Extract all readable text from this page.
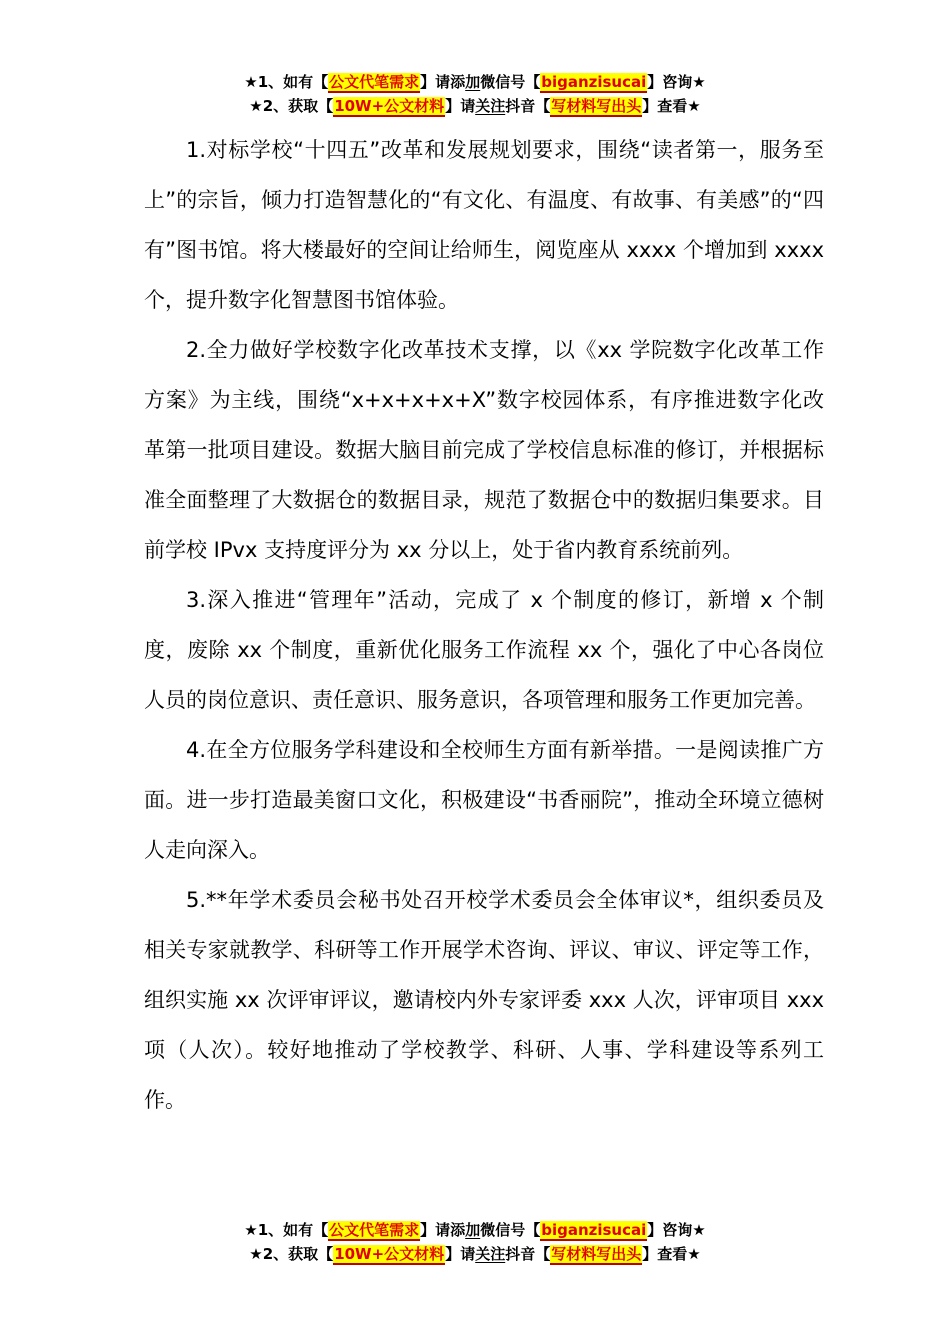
★1、如有【公文代笔需求】请添加微信号【biganzisucai】咨询★
★2、获取【10W+公文材料】请关注抖音【写材料写出头】查看★

1.对标学校“十四五”改革和发展规划要求，围绕“读者第一，服务至上”的宗旨，倾力打造智慧化的“有文化、有温度、有故事、有美感”的“四有”图书馆。将大楼最好的空间让给师生，阅览座从 xxxx 个增加到 xxxx 个，提升数字化智慧图书馆体验。

2.全力做好学校数字化改革技术支撑，以《xx 学院数字化改革工作方案》为主线，围绕“x+x+x+x+X”数字校园体系，有序推进数字化改革第一批项目建设。数据大脑目前完成了学校信息标准的修订，并根据标准全面整理了大数据仓的数据目录，规范了数据仓中的数据归集要求。目前学校 IPvx 支持度评分为 xx 分以上，处于省内教育系统前列。

3.深入推进“管理年”活动，完成了 x 个制度的修订，新增 x 个制度，废除 xx 个制度，重新优化服务工作流程 xx 个，强化了中心各岗位人员的岗位意识、责任意识、服务意识，各项管理和服务工作更加完善。

4.在全方位服务学科建设和全校师生方面有新举措。一是阅读推广方面。进一步打造最美窗口文化，积极建设“书香丽院”，推动全环境立德树人走向深入。

5.**年学术委员会秘书处召开校学术委员会全体审议*，组织委员及相关专家就教学、科研等工作开展学术咨询、评议、审议、评定等工作，组织实施 xx 次评审评议，邀请校内外专家评委 xxx 人次，评审项目 xxx 项（人次）。较好地推动了学校教学、科研、人事、学科建设等系列工作。

★1、如有【公文代笔需求】请添加微信号【biganzisucai】咨询★
★2、获取【10W+公文材料】请关注抖音【写材料写出头】查看★
